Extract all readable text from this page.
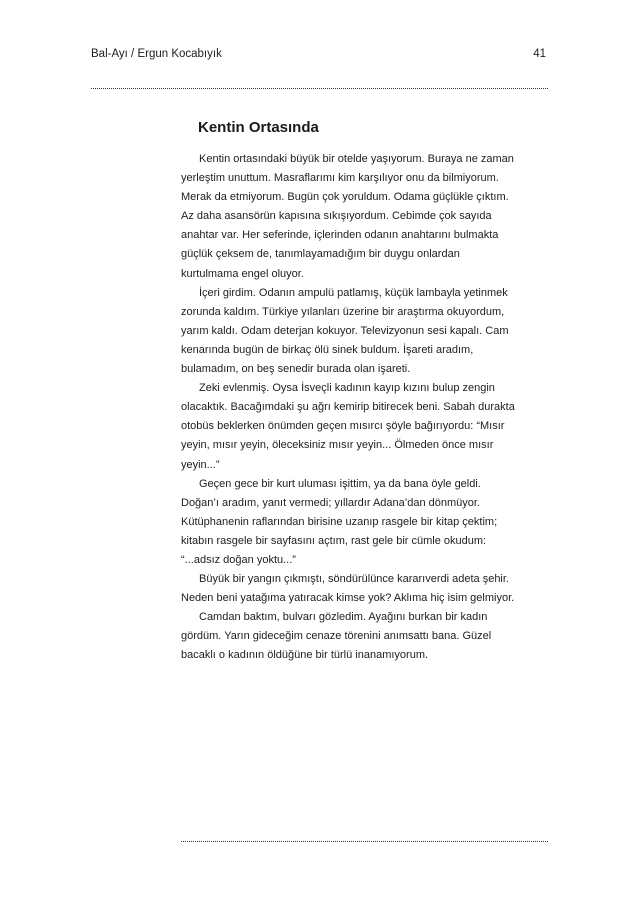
Bal-Ayı / Ergun Kocabıyık	41
Kentin Ortasında
Kentin ortasındaki büyük bir otelde yaşıyorum. Buraya ne zaman
yerleştim unuttum. Masraflarımı kim karşılıyor onu da bilmiyorum.
Merak da etmiyorum. Bugün çok yoruldum. Odama güçlükle çıktım.
Az daha asansörün kapısına sıkışıyordum. Cebimde çok sayıda
anahtar var. Her seferinde, içlerinden odanın anahtarını bulmakta
güçlük çeksem de, tanımlayamadığım bir duygu onlardan
kurtulmama engel oluyor.
İçeri girdim. Odanın ampulü patlamış, küçük lambayla yetinmek
zorunda kaldım. Türkiye yılanları üzerine bir araştırma okuyordum,
yarım kaldı. Odam deterjan kokuyor. Televizyonun sesi kapalı. Cam
kenarında bugün de birkaç ölü sinek buldum. İşareti aradım,
bulamadım, on beş senedir burada olan işareti.
Zeki evlenmiş. Oysa İsveçli kadının kayıp kızını bulup zengin
olacaktık. Bacağımdaki şu ağrı kemirip bitirecek beni. Sabah durakta
otobüs beklerken önümden geçen mısırcı şöyle bağırıyordu: “Mısır
yeyin, mısır yeyin, öleceksiniz mısır yeyin... Ölmeden önce mısır
yeyin...”
Geçen gece bir kurt uluması işittim, ya da bana öyle geldi.
Doğan’ı aradım, yanıt vermedi; yıllardır Adana’dan dönmüyor.
Kütüphanenin raflarından birisine uzanıp rasgele bir kitap çektim;
kitabın rasgele bir sayfasını açtım, rast gele bir cümle okudum:
“...adsız doğan yoktu...”
Büyük bir yangın çıkmıştı, söndürülünce kararıverdi adeta şehir.
Neden beni yatağıma yatıracak kimse yok? Aklıma hiç isim gelmiyor.
Camdan baktım, bulvarı gözledim. Ayağını burkan bir kadın
gördüm. Yarın gideceğim cenaze törenini anımsattı bana. Güzel
bacaklı o kadının öldüğüne bir türlü inanamıyorum.
